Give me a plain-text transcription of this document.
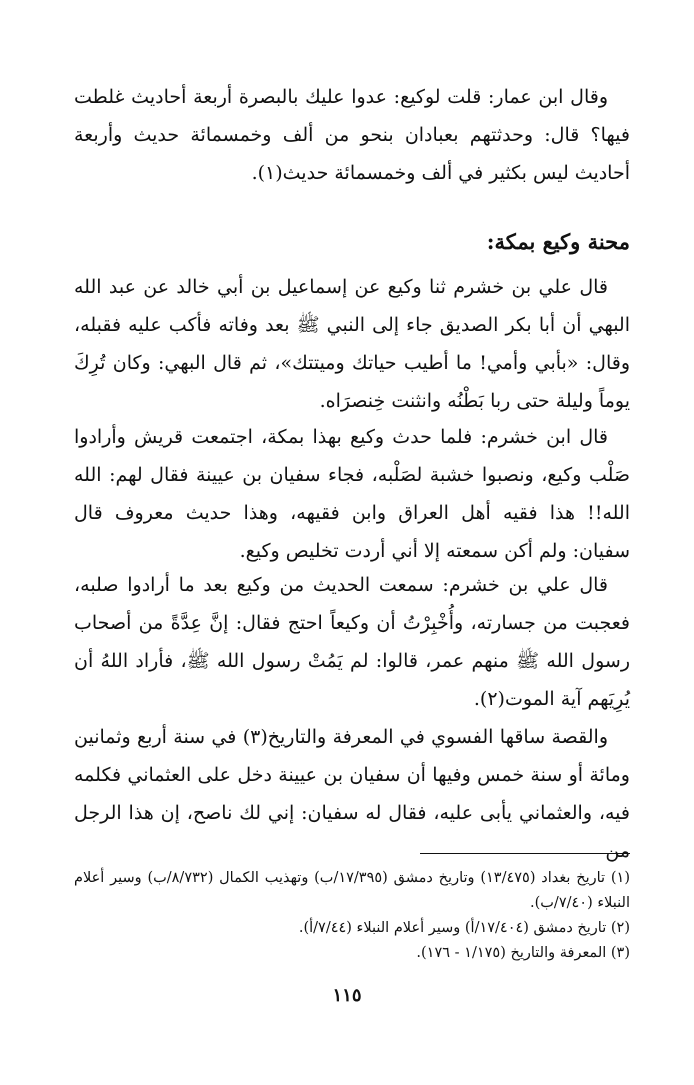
وقال ابن عمار: قلت لوكيع: عدوا عليك بالبصرة أربعة أحاديث غلطت فيها؟ قال: وحدثتهم بعبادان بنحو من ألف وخمسمائة حديث وأربعة أحاديث ليس بكثير في ألف وخمسمائة حديث(١).

محنة وكيع بمكة:

قال علي بن خشرم ثنا وكيع عن إسماعيل بن أبي خالد عن عبد الله البهي أن أبا بكر الصديق جاء إلى النبي ﷺ بعد وفاته فأكب عليه فقبله، وقال: «بأبي وأمي! ما أطيب حياتك وميتتك»، ثم قال البهي: وكان تُرِكَ يوماً وليلة حتى ربا بَطْنُه وانثنت خِنصرَاه.

قال ابن خشرم: فلما حدث وكيع بهذا بمكة، اجتمعت قريش وأرادوا صَلْب وكيع، ونصبوا خشبة لصَلْبه، فجاء سفيان بن عيينة فقال لهم: الله الله!! هذا فقيه أهل العراق وابن فقيهه، وهذا حديث معروف قال سفيان: ولم أكن سمعته إلا أني أردت تخليص وكيع.

قال علي بن خشرم: سمعت الحديث من وكيع بعد ما أرادوا صلبه، فعجبت من جسارته، وأُخْبِرْتُ أن وكيعاً احتج فقال: إنَّ عِدَّةً من أصحاب رسول الله ﷺ منهم عمر، قالوا: لم يَمُتْ رسول الله ﷺ، فأراد اللهُ أن يُرِيَهم آية الموت(٢).

والقصة ساقها الفسوي في المعرفة والتاريخ(٣) في سنة أربع وثمانين ومائة أو سنة خمس وفيها أن سفيان بن عيينة دخل على العثماني فكلمه فيه، والعثماني يأبى عليه، فقال له سفيان: إني لك ناصح، إن هذا الرجل من

(١) تاريخ بغداد (١٣/٤٧٥) وتاريخ دمشق (١٧/٣٩٥/ب) وتهذيب الكمال (٨/٧٣٢/ب) وسير أعلام النبلاء (٧/٤٠/ب).

(٢) تاريخ دمشق (١٧/٤٠٤/أ) وسير أعلام النبلاء (٧/٤٤/أ).

(٣) المعرفة والتاريخ (١/١٧٥ - ١٧٦).

١١٥
